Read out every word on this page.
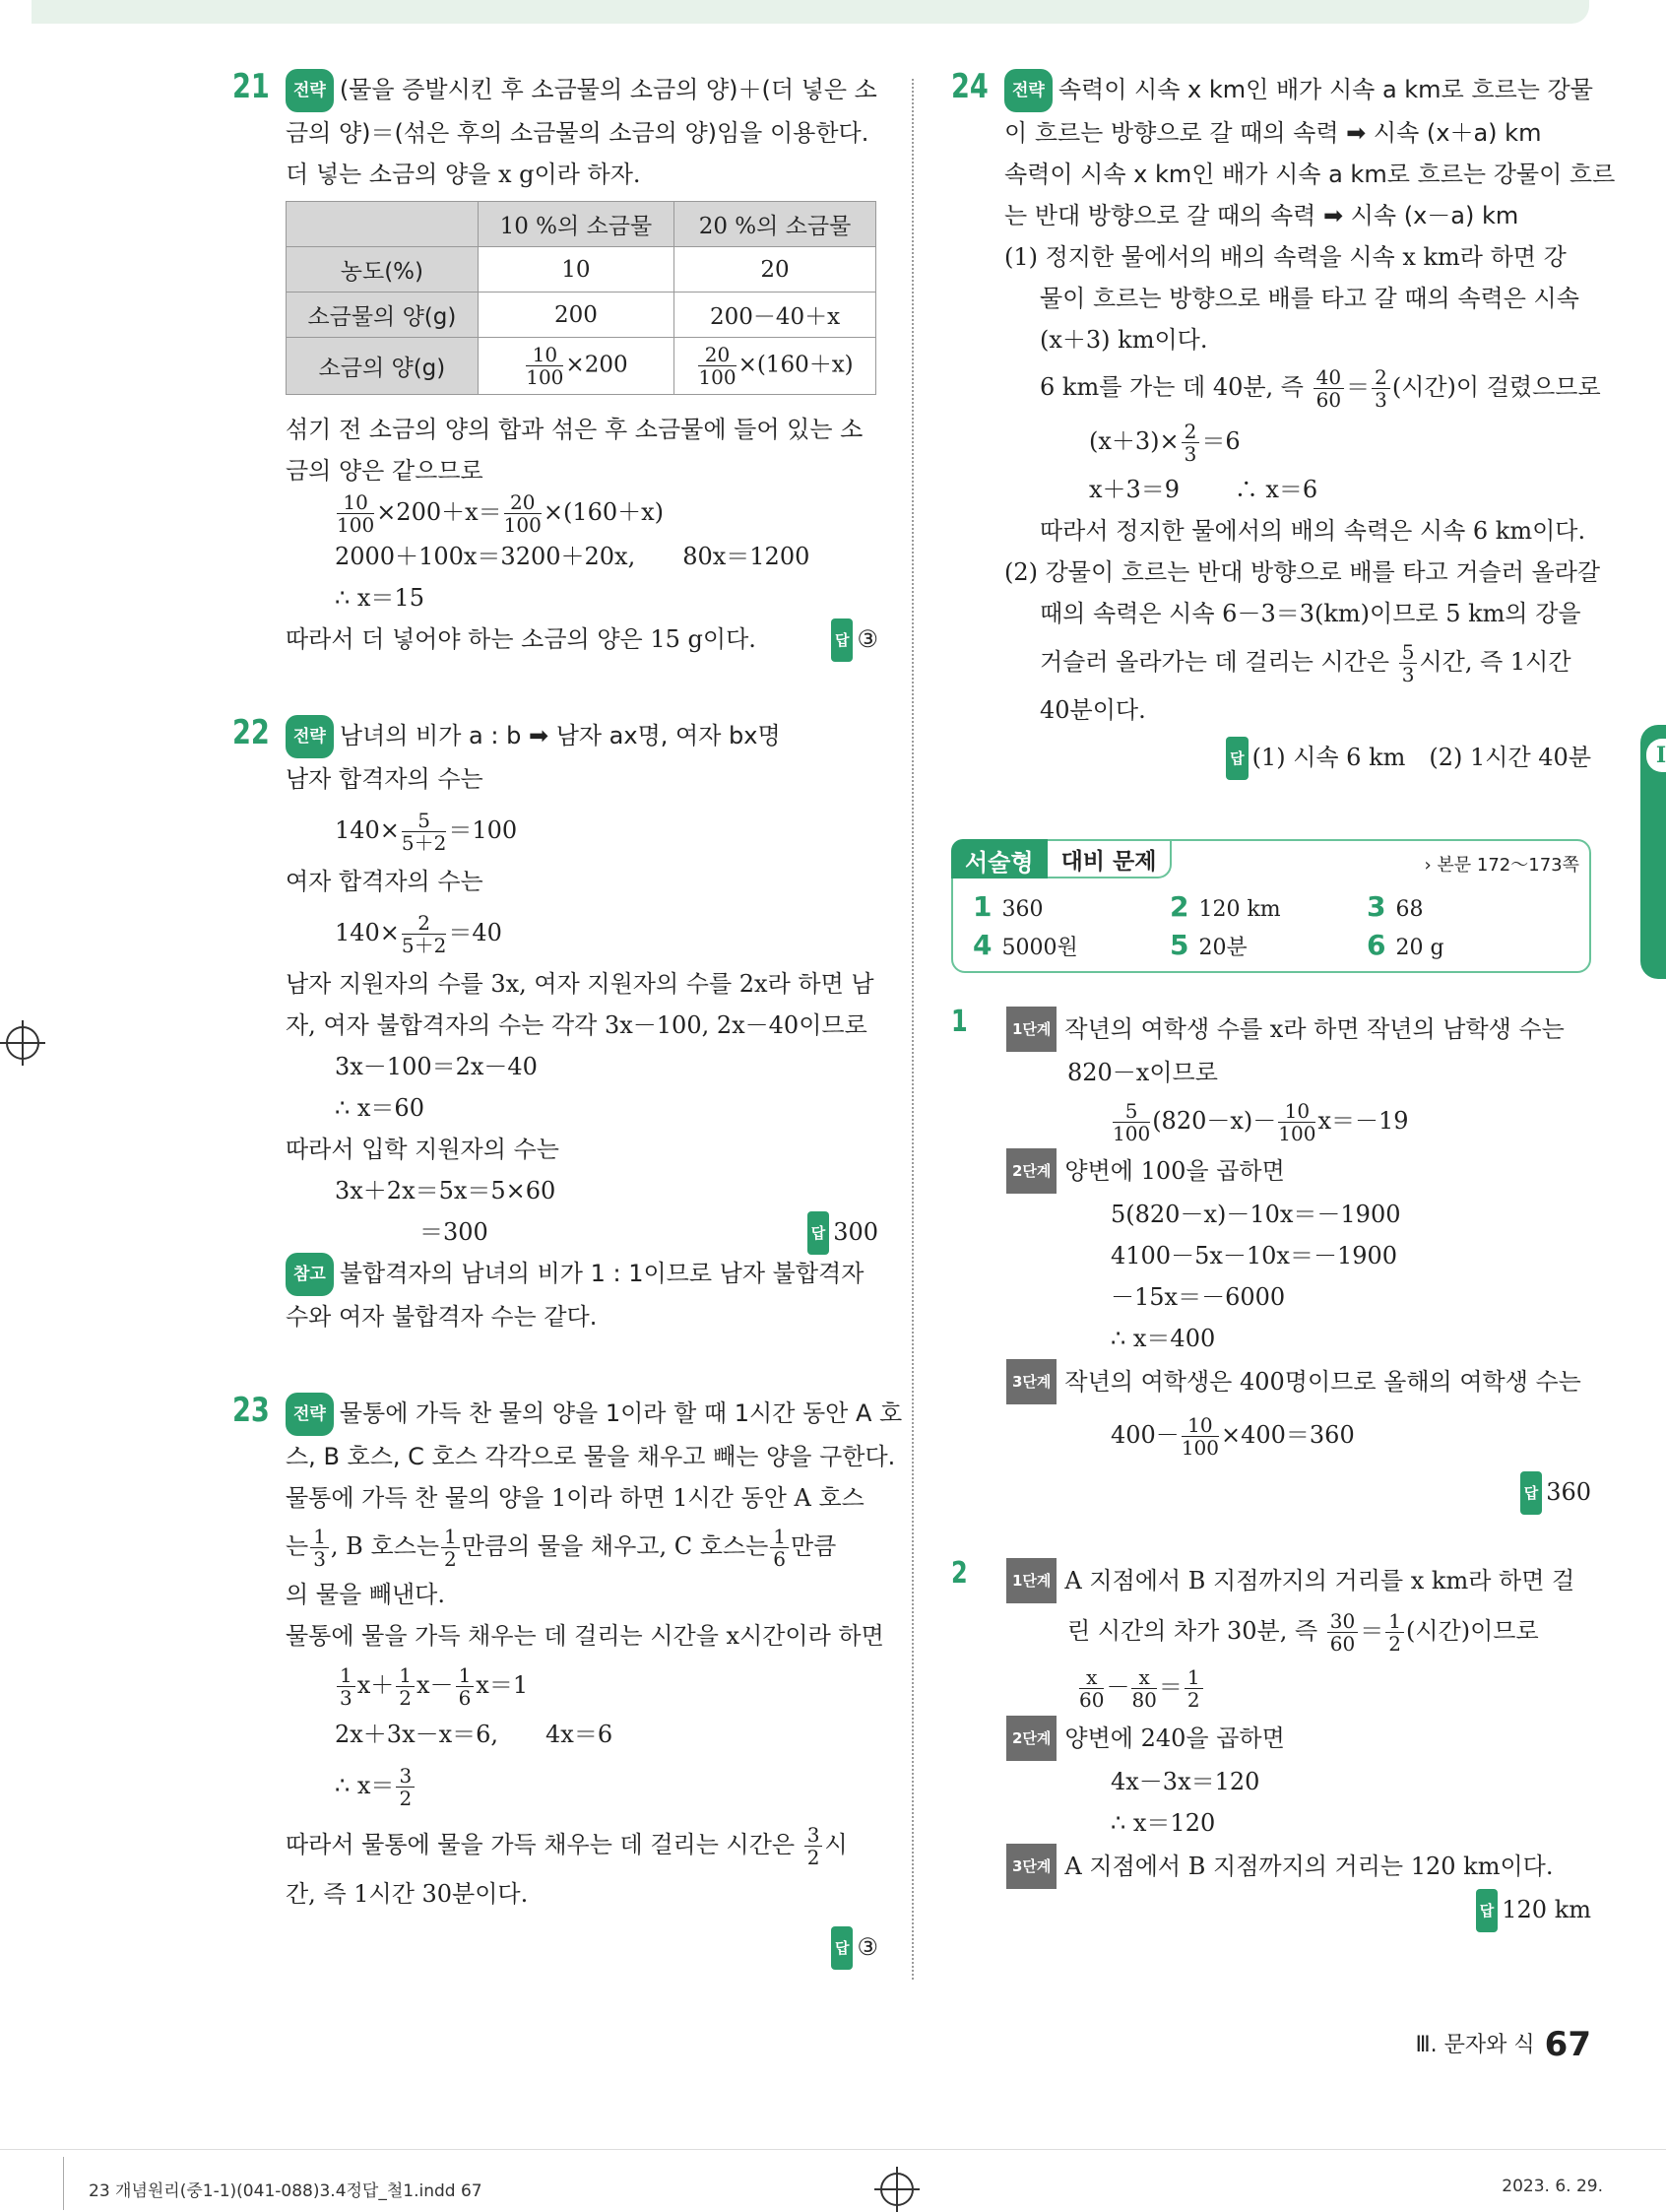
I
21	전략 (물을 증발시킨 후 소금물의 소금의 양)＋(더 넣은 소
금의 양)＝(섞은 후의 소금물의 소금의 양)임을 이용한다.
더 넣는 소금의 양을 x g이라 하자.
	10 %의 소금물	20 %의 소금물
농도(%)	10	20
소금물의 양(g)	200	200－40＋x
소금의 양(g)	$\frac{10}{100} \times 200$	$\frac{20}{100} \times(160+x)$
섞기 전 소금의 양의 합과 섞은 후 소금물에 들어 있는 소
금의 양은 같으므로
$\frac{10}{100} \times 200+x= \frac{20}{100} \times(160+x)$
2000＋100x＝3200＋20x,　　80x＝1200
∴ x＝15
따라서 더 넣어야 하는 소금의 양은 15 g이다.	답 ③
22	전략 남녀의 비가 a : b ➡ 남자 ax명, 여자 bx명
남자 합격자의 수는
$140\times \frac{5}{5+2} =100$
여자 합격자의 수는
$140\times \frac{2}{5+2} =40$
남자 지원자의 수를 3x, 여자 지원자의 수를 2x라 하면 남
자, 여자 불합격자의 수는 각각 3x－100, 2x－40이므로
3x－100＝2x－40
∴ x＝60
따라서 입학 지원자의 수는
3x＋2x＝5x＝5×60
＝300	답 300
참고 불합격자의 남녀의 비가 1 : 1이므로 남자 불합격자
수와 여자 불합격자 수는 같다.
23	전략 물통에 가득 찬 물의 양을 1이라 할 때 1시간 동안 A 호
스, B 호스, C 호스 각각으로 물을 채우고 빼는 양을 구한다.
물통에 가득 찬 물의 양을 1이라 하면 1시간 동안 A 호스
는 $\frac{1}{3}$ , B 호스는 $\frac{1}{2}$ 만큼의 물을 채우고, C 호스는 $\frac{1}{6}$ 만큼
의 물을 빼낸다.
물통에 물을 가득 채우는 데 걸리는 시간을 x시간이라 하면
$\frac{1}{3} x+ \frac{1}{2} x- \frac{1}{6} x=1$
2x＋3x－x＝6,　　4x＝6
∴ $x= \frac{3}{2}$
따라서 물통에 물을 가득 채우는 데 걸리는 시간은 $\frac{3}{2}$ 시
간, 즉 1시간 30분이다.
답 ③
24	전략 속력이 시속 x km인 배가 시속 a km로 흐르는 강물
이 흐르는 방향으로 갈 때의 속력 ➡ 시속 (x＋a) km
속력이 시속 x km인 배가 시속 a km로 흐르는 강물이 흐르
는 반대 방향으로 갈 때의 속력 ➡ 시속 (x－a) km
(1) 정지한 물에서의 배의 속력을 시속 x km라 하면 강
물이 흐르는 방향으로 배를 타고 갈 때의 속력은 시속
(x＋3) km이다.
6 km를 가는 데 40분, 즉 $\frac{40}{60} = \frac{2}{3}$ (시간)이 걸렸으므로
$(x+3)\times \frac{2}{3} =6$
x＋3＝9　　 ∴ x＝6
따라서 정지한 물에서의 배의 속력은 시속 6 km이다.
(2) 강물이 흐르는 반대 방향으로 배를 타고 거슬러 올라갈
때의 속력은 시속 6－3＝3(km)이므로 5 km의 강을
거슬러 올라가는 데 걸리는 시간은 $\frac{5}{3}$ 시간, 즉 1시간
40분이다.
답 (1) 시속 6 km　(2) 1시간 40분
서술형	대비 문제	› 본문 172～173쪽
1 360	2 120 km	3 68
4 5000원	5 20분	6 20 g
1	1단계 작년의 여학생 수를 x라 하면 작년의 남학생 수는
820－x이므로
$\frac{5}{100} (820-x)- \frac{10}{100} x=-19$
2단계 양변에 100을 곱하면
5(820－x)－10x＝－1900
4100－5x－10x＝－1900
－15x＝－6000
∴ x＝400
3단계 작년의 여학생은 400명이므로 올해의 여학생 수는
$400- \frac{10}{100} \times 400=360$
답 360
2	1단계 A 지점에서 B 지점까지의 거리를 x km라 하면 걸
린 시간의 차가 30분, 즉 $\frac{30}{60} = \frac{1}{2}$ (시간)이므로
$\frac{x}{60} - \frac{x}{80} = \frac{1}{2}$
2단계 양변에 240을 곱하면
4x－3x＝120
∴ x＝120
3단계 A 지점에서 B 지점까지의 거리는 120 km이다.
답 120 km
Ⅲ. 문자와 식 67
23 개념원리(중1-1)(041-088)3.4정답_철1.indd 67	2023. 6. 29.
